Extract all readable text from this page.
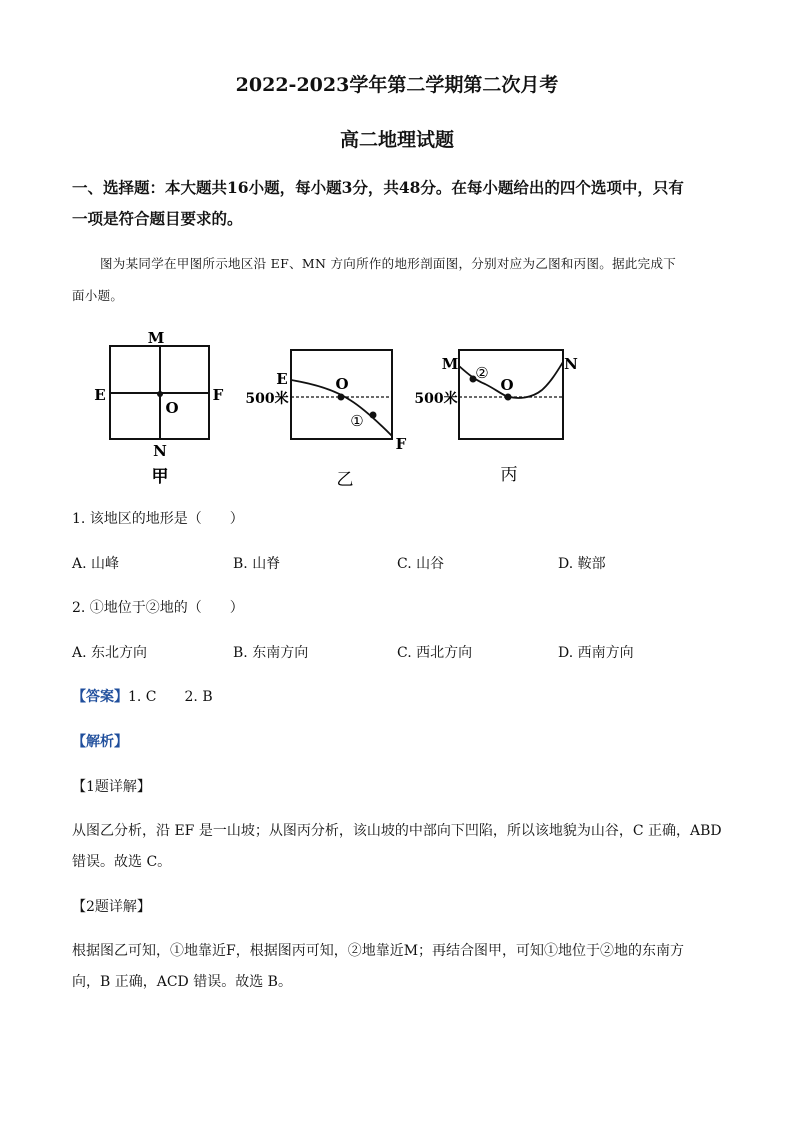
2022-2023学年第二学期第二次月考
高二地理试题
一、选择题：本大题共16小题，每小题3分，共48分。在每小题给出的四个选项中，只有
一项是符合题目要求的。
图为某同学在甲图所示地区沿 EF、MN 方向所作的地形剖面图，分别对应为乙图和丙图。据此完成下
面小题。
M
N
E	F
O
甲
E
F
O
①
500米
乙
M	N
O
②
500米
丙
1. 该地区的地形是（　　）
A. 山峰	B. 山脊	C. 山谷	D. 鞍部
2. ①地位于②地的（　　）
A. 东北方向	B. 东南方向	C. 西北方向	D. 西南方向
【答案】1. C　　2. B
【解析】
【1题详解】
从图乙分析，沿 EF 是一山坡；从图丙分析，该山坡的中部向下凹陷，所以该地貌为山谷，C 正确，ABD
错误。故选 C。
【2题详解】
根据图乙可知，①地靠近F，根据图丙可知，②地靠近M；再结合图甲，可知①地位于②地的东南方
向，B 正确，ACD 错误。故选 B。
